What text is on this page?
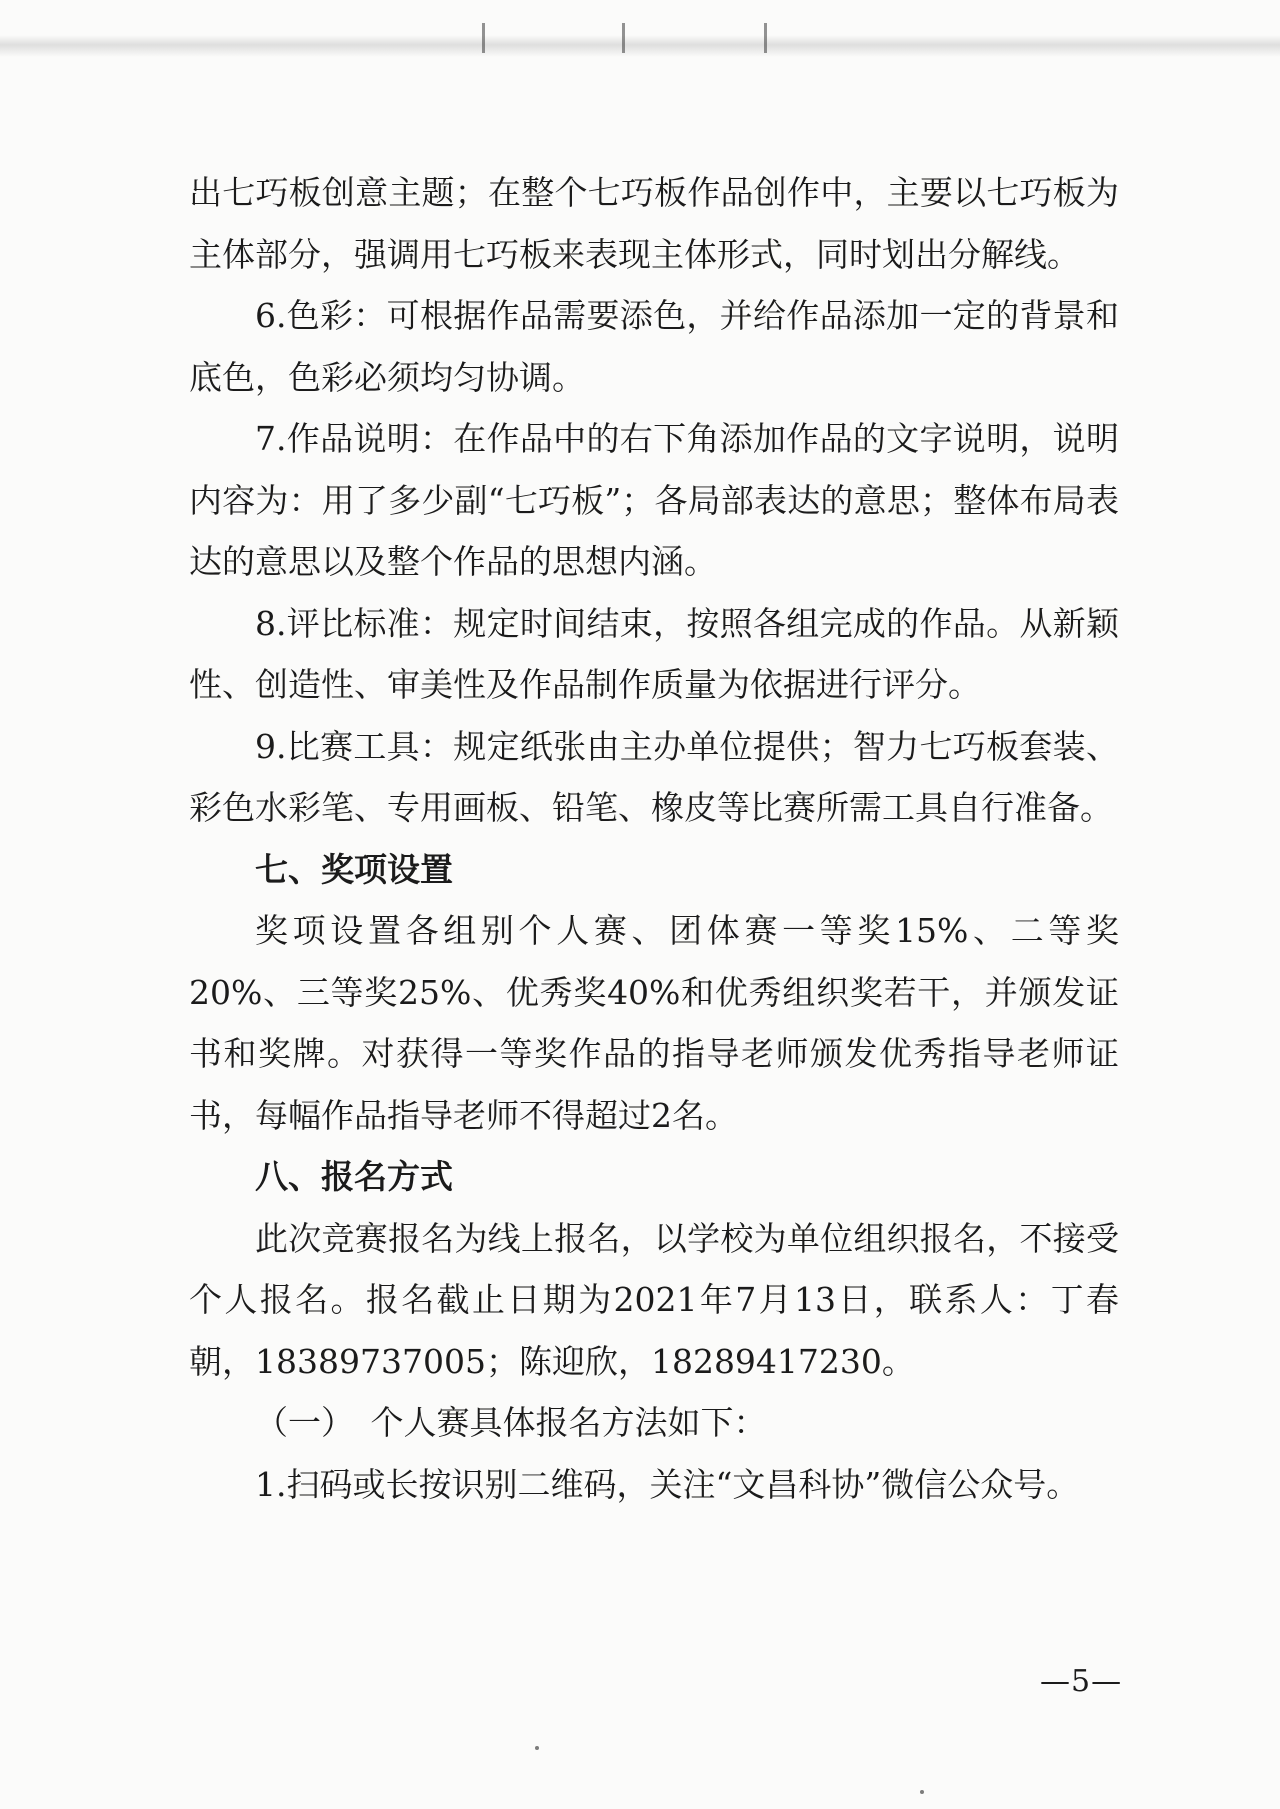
出七巧板创意主题；在整个七巧板作品创作中，主要以七巧板为主体部分，强调用七巧板来表现主体形式，同时划出分解线。

6.色彩：可根据作品需要添色，并给作品添加一定的背景和底色，色彩必须均匀协调。

7.作品说明：在作品中的右下角添加作品的文字说明，说明内容为：用了多少副“七巧板”；各局部表达的意思；整体布局表达的意思以及整个作品的思想内涵。

8.评比标准：规定时间结束，按照各组完成的作品。从新颖性、创造性、审美性及作品制作质量为依据进行评分。

9.比赛工具：规定纸张由主办单位提供；智力七巧板套装、彩色水彩笔、专用画板、铅笔、橡皮等比赛所需工具自行准备。

七、奖项设置

奖项设置各组别个人赛、团体赛一等奖15%、二等奖20%、三等奖25%、优秀奖40%和优秀组织奖若干，并颁发证书和奖牌。对获得一等奖作品的指导老师颁发优秀指导老师证书，每幅作品指导老师不得超过2名。

八、报名方式

此次竞赛报名为线上报名，以学校为单位组织报名，不接受个人报名。报名截止日期为2021年7月13日，联系人：丁春朝，18389737005；陈迎欣，18289417230。

（一）　个人赛具体报名方法如下：

1.扫码或长按识别二维码，关注“文昌科协”微信公众号。

—5—
